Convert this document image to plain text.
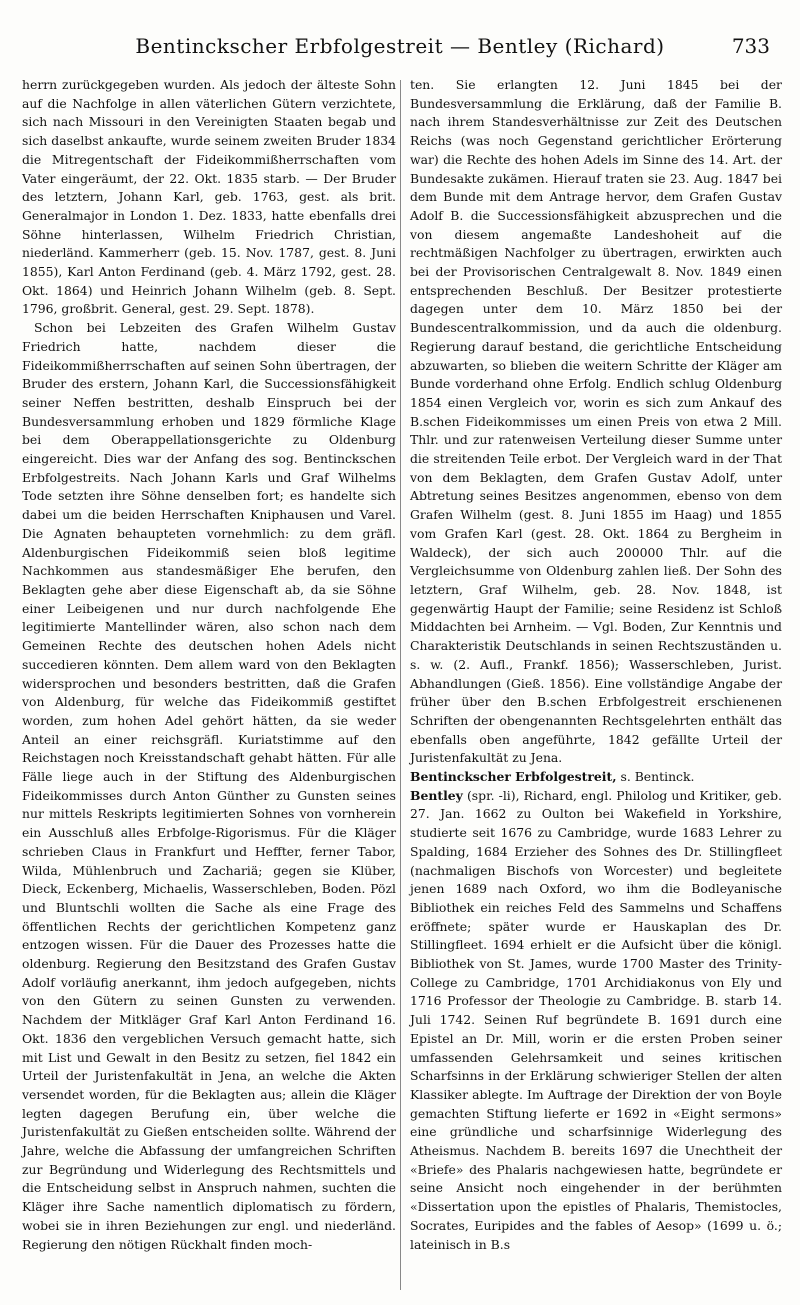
Bentinckscher Erbfolgestreit — Bentley (Richard)	733

herrn zurückgegeben wurden. Als jedoch der älteste Sohn auf die Nachfolge in allen väterlichen Gütern verzichtete, sich nach Missouri in den Vereinigten Staaten begab und sich daselbst ankaufte, wurde seinem zweiten Bruder 1834 die Mitregentschaft der Fideikommißherrschaften vom Vater eingeräumt, der 22. Okt. 1835 starb. — Der Bruder des letztern, Johann Karl, geb. 1763, gest. als brit. Generalmajor in London 1. Dez. 1833, hatte ebenfalls drei Söhne hinterlassen, Wilhelm Friedrich Christian, niederländ. Kammerherr (geb. 15. Nov. 1787, gest. 8. Juni 1855), Karl Anton Ferdinand (geb. 4. März 1792, gest. 28. Okt. 1864) und Heinrich Johann Wilhelm (geb. 8. Sept. 1796, großbrit. General, gest. 29. Sept. 1878).

Schon bei Lebzeiten des Grafen Wilhelm Gustav Friedrich hatte, nachdem dieser die Fideikommißherrschaften auf seinen Sohn übertragen, der Bruder des erstern, Johann Karl, die Successionsfähigkeit seiner Neffen bestritten, deshalb Einspruch bei der Bundesversammlung erhoben und 1829 förmliche Klage bei dem Oberappellationsgerichte zu Oldenburg eingereicht. Dies war der Anfang des sog. Bentinckschen Erbfolgestreits. Nach Johann Karls und Graf Wilhelms Tode setzten ihre Söhne denselben fort; es handelte sich dabei um die beiden Herrschaften Kniphausen und Varel. Die Agnaten behaupteten vornehmlich: zu dem gräfl. Aldenburgischen Fideikommiß seien bloß legitime Nachkommen aus standesmäßiger Ehe berufen, den Beklagten gehe aber diese Eigenschaft ab, da sie Söhne einer Leibeigenen und nur durch nachfolgende Ehe legitimierte Mantellinder wären, also schon nach dem Gemeinen Rechte des deutschen hohen Adels nicht succedieren könnten. Dem allem ward von den Beklagten widersprochen und besonders bestritten, daß die Grafen von Aldenburg, für welche das Fideikommiß gestiftet worden, zum hohen Adel gehört hätten, da sie weder Anteil an einer reichsgräfl. Kuriatstimme auf den Reichstagen noch Kreisstandschaft gehabt hätten. Für alle Fälle liege auch in der Stiftung des Aldenburgischen Fideikommisses durch Anton Günther zu Gunsten seines nur mittels Reskripts legitimierten Sohnes von vornherein ein Ausschluß alles Erbfolge-Rigorismus. Für die Kläger schrieben Claus in Frankfurt und Heffter, ferner Tabor, Wilda, Mühlenbruch und Zachariä; gegen sie Klüber, Dieck, Eckenberg, Michaelis, Wasserschleben, Boden. Pözl und Bluntschli wollten die Sache als eine Frage des öffentlichen Rechts der gerichtlichen Kompetenz ganz entzogen wissen. Für die Dauer des Prozesses hatte die oldenburg. Regierung den Besitzstand des Grafen Gustav Adolf vorläufig anerkannt, ihm jedoch aufgegeben, nichts von den Gütern zu seinen Gunsten zu verwenden. Nachdem der Mitkläger Graf Karl Anton Ferdinand 16. Okt. 1836 den vergeblichen Versuch gemacht hatte, sich mit List und Gewalt in den Besitz zu setzen, fiel 1842 ein Urteil der Juristenfakultät in Jena, an welche die Akten versendet worden, für die Beklagten aus; allein die Kläger legten dagegen Berufung ein, über welche die Juristenfakultät zu Gießen entscheiden sollte. Während der Jahre, welche die Abfassung der umfangreichen Schriften zur Begründung und Widerlegung des Rechtsmittels und die Entscheidung selbst in Anspruch nahmen, suchten die Kläger ihre Sache namentlich diplomatisch zu fördern, wobei sie in ihren Beziehungen zur engl. und niederländ. Regierung den nötigen Rückhalt finden moch-

ten. Sie erlangten 12. Juni 1845 bei der Bundesversammlung die Erklärung, daß der Familie B. nach ihrem Standesverhältnisse zur Zeit des Deutschen Reichs (was noch Gegenstand gerichtlicher Erörterung war) die Rechte des hohen Adels im Sinne des 14. Art. der Bundesakte zukämen. Hierauf traten sie 23. Aug. 1847 bei dem Bunde mit dem Antrage hervor, dem Grafen Gustav Adolf B. die Successionsfähigkeit abzusprechen und die von diesem angemaßte Landeshoheit auf die rechtmäßigen Nachfolger zu übertragen, erwirkten auch bei der Provisorischen Centralgewalt 8. Nov. 1849 einen entsprechenden Beschluß. Der Besitzer protestierte dagegen unter dem 10. März 1850 bei der Bundescentralkommission, und da auch die oldenburg. Regierung darauf bestand, die gerichtliche Entscheidung abzuwarten, so blieben die weitern Schritte der Kläger am Bunde vorderhand ohne Erfolg. Endlich schlug Oldenburg 1854 einen Vergleich vor, worin es sich zum Ankauf des B.schen Fideikommisses um einen Preis von etwa 2 Mill. Thlr. und zur ratenweisen Verteilung dieser Summe unter die streitenden Teile erbot. Der Vergleich ward in der That von dem Beklagten, dem Grafen Gustav Adolf, unter Abtretung seines Besitzes angenommen, ebenso von dem Grafen Wilhelm (gest. 8. Juni 1855 im Haag) und 1855 vom Grafen Karl (gest. 28. Okt. 1864 zu Bergheim in Waldeck), der sich auch 200000 Thlr. auf die Vergleichsumme von Oldenburg zahlen ließ. Der Sohn des letztern, Graf Wilhelm, geb. 28. Nov. 1848, ist gegenwärtig Haupt der Familie; seine Residenz ist Schloß Middachten bei Arnheim. — Vgl. Boden, Zur Kenntnis und Charakteristik Deutschlands in seinen Rechtszuständen u. s. w. (2. Aufl., Frankf. 1856); Wasserschleben, Jurist. Abhandlungen (Gieß. 1856). Eine vollständige Angabe der früher über den B.schen Erbfolgestreit erschienenen Schriften der obengenannten Rechtsgelehrten enthält das ebenfalls oben angeführte, 1842 gefällte Urteil der Juristenfakultät zu Jena.

Bentinckscher Erbfolgestreit, s. Bentinck.

Bentley (spr. -li), Richard, engl. Philolog und Kritiker, geb. 27. Jan. 1662 zu Oulton bei Wakefield in Yorkshire, studierte seit 1676 zu Cambridge, wurde 1683 Lehrer zu Spalding, 1684 Erzieher des Sohnes des Dr. Stillingfleet (nachmaligen Bischofs von Worcester) und begleitete jenen 1689 nach Oxford, wo ihm die Bodleyanische Bibliothek ein reiches Feld des Sammelns und Schaffens eröffnete; später wurde er Hauskaplan des Dr. Stillingfleet. 1694 erhielt er die Aufsicht über die königl. Bibliothek von St. James, wurde 1700 Master des Trinity-College zu Cambridge, 1701 Archidiakonus von Ely und 1716 Professor der Theologie zu Cambridge. B. starb 14. Juli 1742. Seinen Ruf begründete B. 1691 durch eine Epistel an Dr. Mill, worin er die ersten Proben seiner umfassenden Gelehrsamkeit und seines kritischen Scharfsinns in der Erklärung schwieriger Stellen der alten Klassiker ablegte. Im Auftrage der Direktion der von Boyle gemachten Stiftung lieferte er 1692 in «Eight sermons» eine gründliche und scharfsinnige Widerlegung des Atheismus. Nachdem B. bereits 1697 die Unechtheit der «Briefe» des Phalaris nachgewiesen hatte, begründete er seine Ansicht noch eingehender in der berühmten «Dissertation upon the epistles of Phalaris, Themistocles, Socrates, Euripides and the fables of Aesop» (1699 u. ö.; lateinisch in B.s
